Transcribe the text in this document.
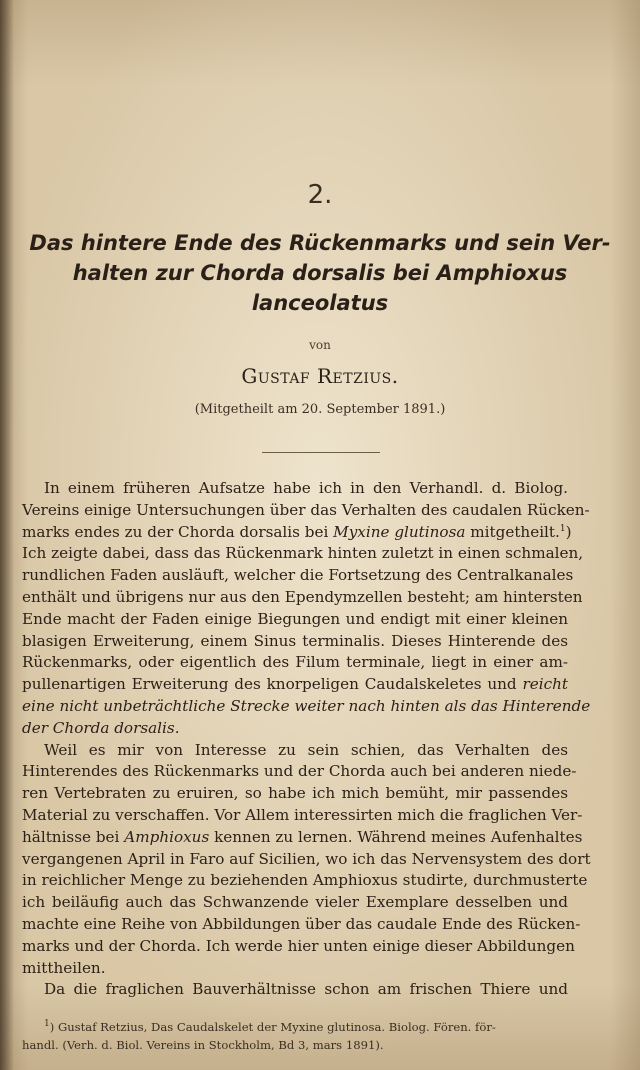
2.
Das hintere Ende des Rückenmarks und sein Ver-
halten zur Chorda dorsalis bei Amphioxus
lanceolatus
von
Gustaf Retzius.
(Mitgetheilt am 20. September 1891.)

In einem früheren Aufsatze habe ich in den Verhandl. d. Biolog.
Vereins einige Untersuchungen über das Verhalten des caudalen Rücken-
marks endes zu der Chorda dorsalis bei Myxine glutinosa mitgetheilt.$^1$)
Ich zeigte dabei, dass das Rückenmark hinten zuletzt in einen schmalen,
rundlichen Faden ausläuft, welcher die Fortsetzung des Centralkanales
enthält und übrigens nur aus den Ependymzellen besteht; am hintersten
Ende macht der Faden einige Biegungen und endigt mit einer kleinen
blasigen Erweiterung, einem Sinus terminalis. Dieses Hinterende des
Rückenmarks, oder eigentlich des Filum terminale, liegt in einer am-
pullenartigen Erweiterung des knorpeligen Caudalskeletes und reicht
eine nicht unbeträchtliche Strecke weiter nach hinten als das Hinterende
der Chorda dorsalis.

Weil es mir von Interesse zu sein schien, das Verhalten des
Hinterendes des Rückenmarks und der Chorda auch bei anderen niede-
ren Vertebraten zu eruiren, so habe ich mich bemüht, mir passendes
Material zu verschaffen. Vor Allem interessirten mich die fraglichen Ver-
hältnisse bei Amphioxus kennen zu lernen. Während meines Aufenhaltes
vergangenen April in Faro auf Sicilien, wo ich das Nervensystem des dort
in reichlicher Menge zu beziehenden Amphioxus studirte, durchmusterte
ich beiläufig auch das Schwanzende vieler Exemplare desselben und
machte eine Reihe von Abbildungen über das caudale Ende des Rücken-
marks und der Chorda. Ich werde hier unten einige dieser Abbildungen
mittheilen.

Da die fraglichen Bauverhältnisse schon am frischen Thiere und

$^1$) Gustaf Retzius, Das Caudalskelet der Myxine glutinosa. Biolog. Fören. för-
handl. (Verh. d. Biol. Vereins in Stockholm, Bd 3, mars 1891).
